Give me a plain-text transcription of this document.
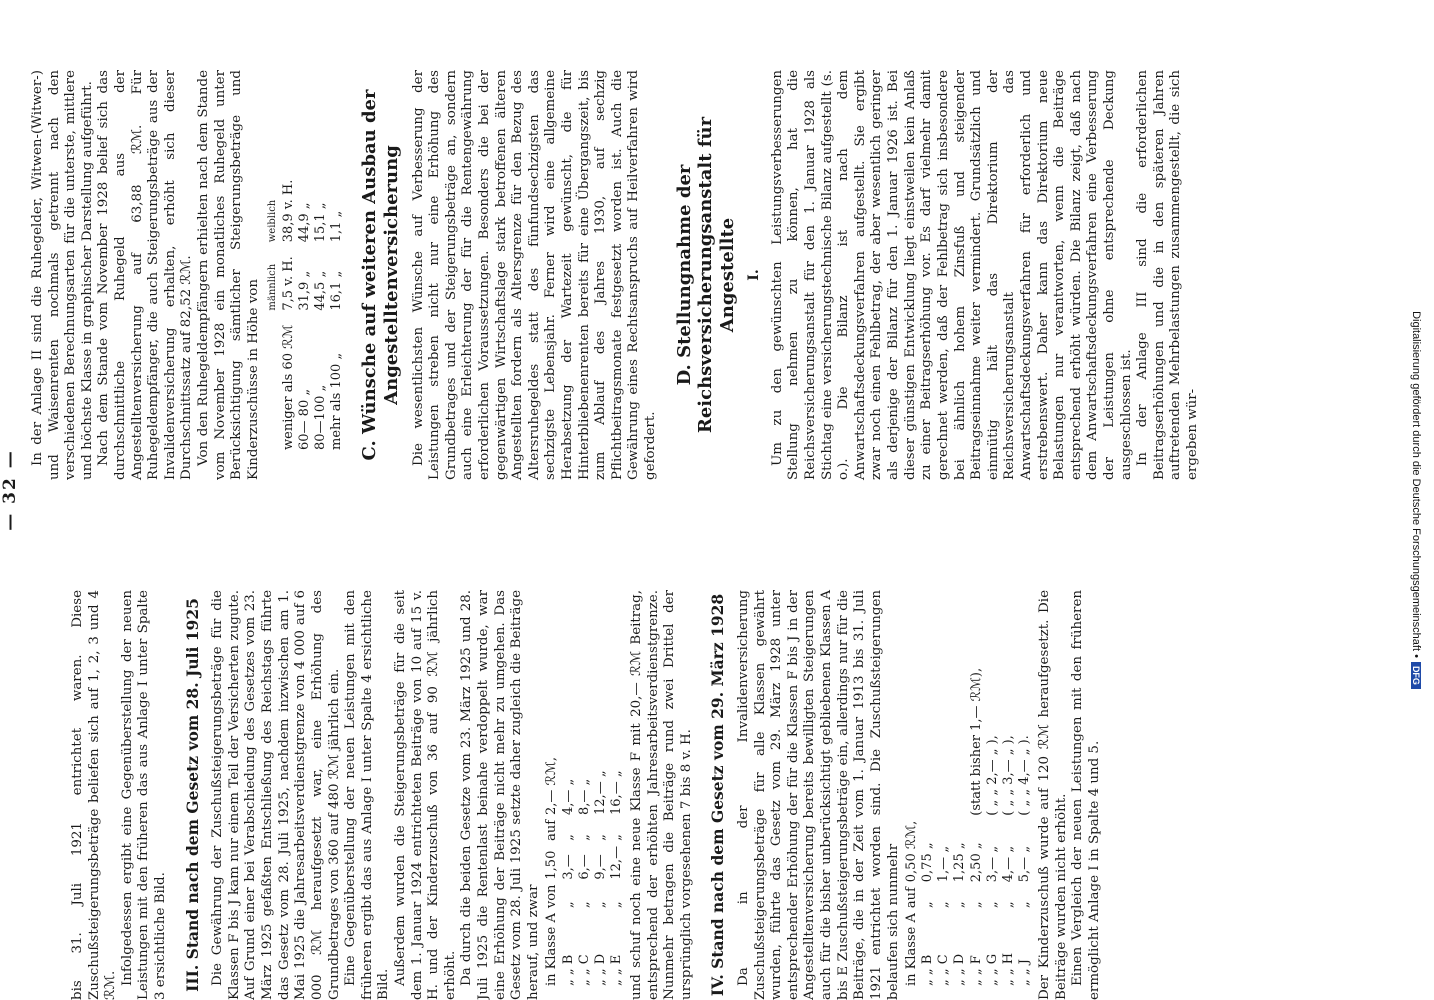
Digitalisierung gefördert durch die Deutsche Forschungsgemeinschaft •
DFG
— 32 —

bis 31. Juli 1921 entrichtet waren. Diese Zuschußsteigerungsbeträge beliefen sich auf 1, 2, 3 und 4 ℛℳ. Infolgedessen ergibt eine Gegenüberstellung der neuen Leistungen mit den früheren das aus Anlage I unter Spalte 3 ersichtliche Bild. III. Stand nach dem Gesetz vom 28. Juli 1925 Die Gewährung der Zuschußsteigerungsbeträge für die Klassen F bis J kam nur einem Teil der Versicherten zugute. Auf Grund einer bei Verabschiedung des Gesetzes vom 23. März 1925 gefaßten Entschließung des Reichstags führte das Gesetz vom 28. Juli 1925, nachdem inzwischen am 1. Mai 1925 die Jahresarbeitsverdienstgrenze von 4 000 auf 6 000 ℛℳ heraufgesetzt war, eine Erhöhung des Grundbetrages von 360 auf 480 ℛℳ jährlich ein. Eine Gegenüberstellung der neuen Leistungen mit den früheren ergibt das aus Anlage I unter Spalte 4 ersichtliche Bild. Außerdem wurden die Steigerungsbeträge für die seit dem 1. Januar 1924 entrichteten Beiträge von 10 auf 15 v. H. und der Kinderzuschuß von 36 auf 90 ℛℳ jährlich erhöht. Da durch die beiden Gesetze vom 23. März 1925 und 28. Juli 1925 die Rentenlast beinahe verdoppelt wurde, war eine Erhöhung der Beiträge nicht mehr zu umgehen. Das Gesetz vom 28. Juli 1925 setzte daher zugleich die Beiträge herauf, und zwar in Klasse A	von	1,50	auf	2,— ℛℳ,
„ „ B	„	3,—	„	4,— „
„ „ C	„	6,—	„	8,— „
„ „ D	„	9,—	„	12,— „
„ „ E	„	12,—	„	16,— „ und schuf noch eine neue Klasse F mit 20,— ℛℳ Beitrag, entsprechend der erhöhten Jahresarbeitsverdienstgrenze. Nunmehr betragen die Beiträge rund zwei Drittel der ursprünglich vorgesehenen 7 bis 8 v. H. IV. Stand nach dem Gesetz vom 29. März 1928 Da in der Invalidenversicherung Zuschußsteigerungsbeträge für alle Klassen gewährt wurden, führte das Gesetz vom 29. März 1928 unter entsprechender Erhöhung der für die Klassen F bis J in der Angestelltenversicherung bereits bewilligten Steigerungen auch für die bisher unberücksichtigt gebliebenen Klassen A bis E Zuschußsteigerungsbeträge ein, allerdings nur für die Beiträge, die in der Zeit vom 1. Januar 1913 bis 31. Juli 1921 entrichtet worden sind. Die Zuschußsteigerungen belaufen sich nunmehr in Klasse A	auf	0,50 ℛℳ,	
„ „ B	„	0,75 „	
„ „ C	„	1,— „	
„ „ D	„	1,25 „	
„ „ F	„	2,50 „	(statt bisher 1,— ℛℳ),
„ „ G	„	3,— „	( „ „ 2,— „ ),
„ „ H	„	4,— „	( „ „ 3,— „ ),
„ „ J	„	5,— „	( „ „ 4,— „ ). Der Kinderzuschuß wurde auf 120 ℛℳ heraufgesetzt. Die Beiträge wurden nicht erhöht. Einen Vergleich der neuen Leistungen mit den früheren ermöglicht Anlage I in Spalte 4 und 5.

In der Anlage II sind die Ruhegelder, Witwen-(Witwer-) und Waisenrenten nochmals getrennt nach den verschiedenen Berechnungsarten für die unterste, mittlere und höchste Klasse in graphischer Darstellung aufgeführt. Nach dem Stande vom November 1928 belief sich das durchschnittliche Ruhegeld aus der Angestelltenversicherung auf 63,88 ℛℳ. Für Ruhegeldempfänger, die auch Steigerungsbeträge aus der Invalidenversicherung erhalten, erhöht sich dieser Durchschnittssatz auf 82,52 ℛℳ. Von den Ruhegeldempfängern erhielten nach dem Stande vom November 1928 ein monatliches Ruhegeld unter Berücksichtigung sämtlicher Steigerungsbeträge und Kinderzuschüsse in Höhe von

	männlich	weiblich
weniger als 60 ℛℳ	7,5 v. H.	38,9 v. H.
60— 80 „	31,9 „	44,9 „
80—100 „	44,5 „	15,1 „
mehr als 100 „	16,1 „	1,1 „ C. Wünsche auf weiteren Ausbau der Angestelltenversicherung Die wesentlichsten Wünsche auf Verbesserung der Leistungen streben nicht nur eine Erhöhung des Grundbetrages und der Steigerungsbeträge an, sondern auch eine Erleichterung der für die Rentengewährung erforderlichen Voraussetzungen. Besonders die bei der gegenwärtigen Wirtschaftslage stark betroffenen älteren Angestellten fordern als Altersgrenze für den Bezug des Altersruhegeldes statt des fünfundsechzigsten das sechzigste Lebensjahr. Ferner wird eine allgemeine Herabsetzung der Wartezeit gewünscht, die für Hinterbliebenenrenten bereits für eine Übergangszeit, bis zum Ablauf des Jahres 1930, auf sechzig Pflichtbeitragsmonate festgesetzt worden ist. Auch die Gewährung eines Rechtsanspruchs auf Heilverfahren wird gefordert.

D. Stellungnahme der Reichsversicherungsanstalt für Angestellte I. Um zu den gewünschten Leistungsverbesserungen Stellung nehmen zu können, hat die Reichsversicherungsanstalt für den 1. Januar 1928 als Stichtag eine versicherungstechnische Bilanz aufgestellt (s. o.). Die Bilanz ist nach dem Anwartschaftsdeckungsverfahren aufgestellt. Sie ergibt zwar noch einen Fehlbetrag, der aber wesentlich geringer als derjenige der Bilanz für den 1. Januar 1926 ist. Bei dieser günstigen Entwicklung liegt einstweilen kein Anlaß zu einer Beitragserhöhung vor. Es darf vielmehr damit gerechnet werden, daß der Fehlbetrag sich insbesondere bei ähnlich hohem Zinsfuß und steigender Beitragseinnahme weiter vermindert. Grundsätzlich und einmütig hält das Direktorium der Reichsversicherungsanstalt das Anwartschaftsdeckungsverfahren für erforderlich und erstrebenswert. Daher kann das Direktorium neue Belastungen nur verantworten, wenn die Beiträge entsprechend erhöht würden. Die Bilanz zeigt, daß nach dem Anwartschaftsdeckungsverfahren eine Verbesserung der Leistungen ohne entsprechende Deckung ausgeschlossen ist. In der Anlage III sind die erforderlichen Beitragserhöhungen und die in den späteren Jahren auftretenden Mehrbelastungen zusammengestellt, die sich ergeben wür-
